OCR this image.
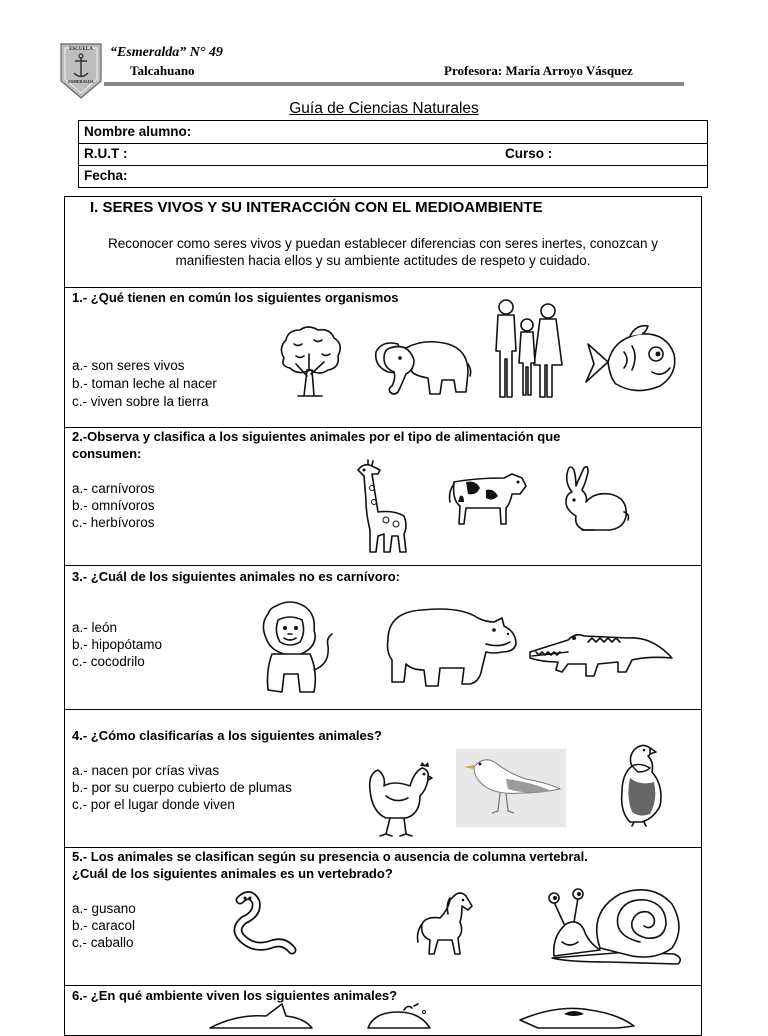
ESCUELA
ESMERALDA
“Esmeralda” N° 49
Talcahuano	Profesora: María Arroyo Vásquez
Guía de Ciencias Naturales
Nombre alumno:
R.U.T :	Curso :
Fecha:
I. SERES VIVOS Y SU INTERACCIÓN CON EL MEDIOAMBIENTE
Reconocer como seres vivos y puedan establecer diferencias con seres inertes, conozcan y
manifiesten hacia ellos y su ambiente actitudes de respeto y cuidado.
1.- ¿Qué tienen en común los siguientes organismos
a.- son seres vivos
b.- toman leche al nacer
c.- viven sobre la tierra
2.-Observa y clasifica a los siguientes animales por el tipo de alimentación que
consumen:
a.- carnívoros
b.- omnívoros
c.- herbívoros
3.- ¿Cuál de los siguientes animales no es carnívoro:
a.- león
b.- hipopótamo
c.- cocodrilo
4.- ¿Cómo clasificarías a los siguientes animales?
a.- nacen por crías vivas
b.- por su cuerpo cubierto de plumas
c.- por el lugar donde viven
5.- Los animales se clasifican según su presencia o ausencia de columna vertebral.
¿Cuál de los siguientes animales es un vertebrado?
a.- gusano
b.- caracol
c.- caballo
6.- ¿En qué ambiente viven los siguientes animales?
